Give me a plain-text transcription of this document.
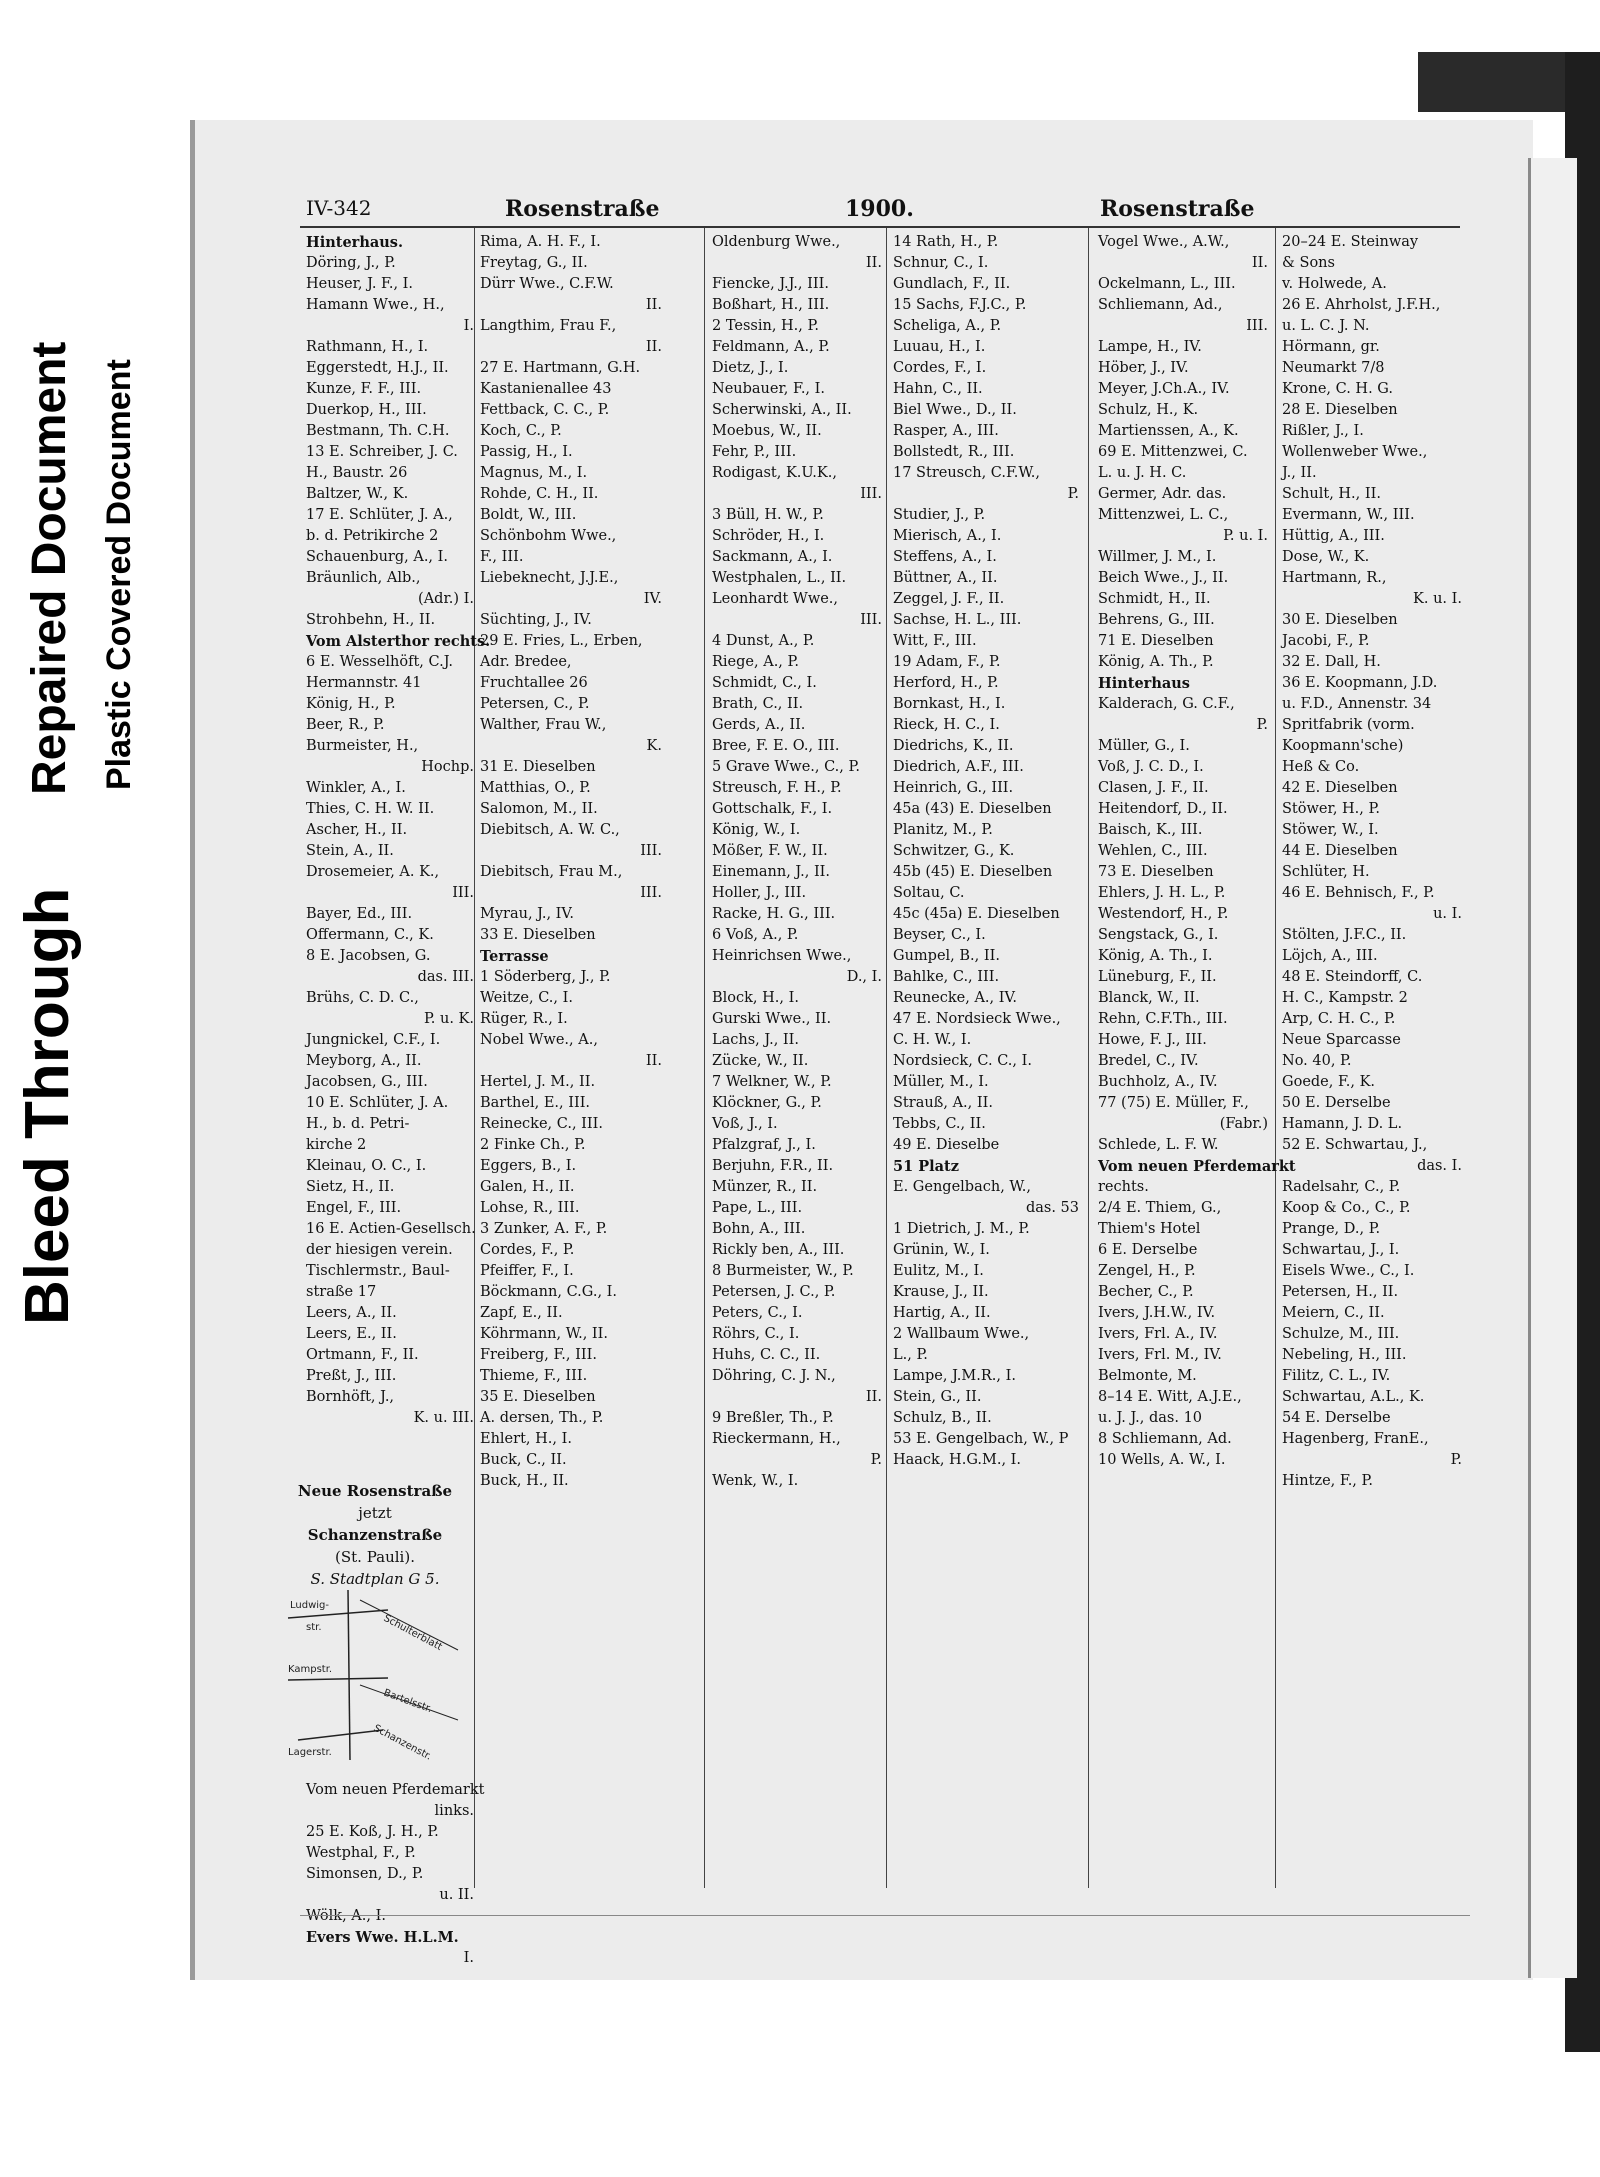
Bleed Through
Repaired Document Plastic Covered Document
IV-342	Rosenstraße	1900.	Rosenstraße
Hinterhaus.
Döring, J., P.
Heuser, J. F., I.
Hamann Wwe., H.,
I.
Rathmann, H., I.
Eggerstedt, H.J., II.
Kunze, F. F., III.
Duerkop, H., III.
Bestmann, Th. C.H.
13 E. Schreiber, J. C.
H., Baustr. 26
Baltzer, W., K.
17 E. Schlüter, J. A.,
b. d. Petrikirche 2
Schauenburg, A., I.
Bräunlich, Alb.,
(Adr.) I.
Strohbehn, H., II.
Vom Alsterthor rechts.
6 E. Wesselhöft, C.J.
Hermannstr. 41
König, H., P.
Beer, R., P.
Burmeister, H.,
Hochp.
Winkler, A., I.
Thies, C. H. W. II.
Ascher, H., II.
Stein, A., II.
Drosemeier, A. K.,
III.
Bayer, Ed., III.
Offermann, C., K.
8 E. Jacobsen, G.
das. III.
Brühs, C. D. C.,
P. u. K.
Jungnickel, C.F., I.
Meyborg, A., II.
Jacobsen, G., III.
10 E. Schlüter, J. A.
H., b. d. Petri-
kirche 2
Kleinau, O. C., I.
Sietz, H., II.
Engel, F., III.
16 E. Actien-Gesellsch.
der hiesigen verein.
Tischlermstr., Baul-
straße 17
Leers, A., II.
Leers, E., II.
Ortmann, F., II.
Preßt, J., III.
Bornhöft, J.,
K. u. III.
Rima, A. H. F., I.
Freytag, G., II.
Dürr Wwe., C.F.W.
II.
Langthim, Frau F.,
II.
27 E. Hartmann, G.H.
Kastanienallee 43
Fettback, C. C., P.
Koch, C., P.
Passig, H., I.
Magnus, M., I.
Rohde, C. H., II.
Boldt, W., III.
Schönbohm Wwe.,
F., III.
Liebeknecht, J.J.E.,
IV.
Süchting, J., IV.
29 E. Fries, L., Erben,
Adr. Bredee,
Fruchtallee 26
Petersen, C., P.
Walther, Frau W.,
K.
31 E. Dieselben
Matthias, O., P.
Salomon, M., II.
Diebitsch, A. W. C.,
III.
Diebitsch, Frau M.,
III.
Myrau, J., IV.
33 E. Dieselben
Terrasse
1 Söderberg, J., P.
Weitze, C., I.
Rüger, R., I.
Nobel Wwe., A.,
II.
Hertel, J. M., II.
Barthel, E., III.
Reinecke, C., III.
2 Finke Ch., P.
Eggers, B., I.
Galen, H., II.
Lohse, R., III.
3 Zunker, A. F., P.
Cordes, F., P.
Pfeiffer, F., I.
Böckmann, C.G., I.
Zapf, E., II.
Köhrmann, W., II.
Freiberg, F., III.
Thieme, F., III.
35 E. Dieselben
A. dersen, Th., P.
Ehlert, H., I.
Buck, C., II.
Buck, H., II.
Oldenburg Wwe.,
II.
Fiencke, J.J., III.
Boßhart, H., III.
2 Tessin, H., P.
Feldmann, A., P.
Dietz, J., I.
Neubauer, F., I.
Scherwinski, A., II.
Moebus, W., II.
Fehr, P., III.
Rodigast, K.U.K.,
III.
3 Büll, H. W., P.
Schröder, H., I.
Sackmann, A., I.
Westphalen, L., II.
Leonhardt Wwe.,
III.
4 Dunst, A., P.
Riege, A., P.
Schmidt, C., I.
Brath, C., II.
Gerds, A., II.
Bree, F. E. O., III.
5 Grave Wwe., C., P.
Streusch, F. H., P.
Gottschalk, F., I.
König, W., I.
Mößer, F. W., II.
Einemann, J., II.
Holler, J., III.
Racke, H. G., III.
6 Voß, A., P.
Heinrichsen Wwe.,
D., I.
Block, H., I.
Gurski Wwe., II.
Lachs, J., II.
Zücke, W., II.
7 Welkner, W., P.
Klöckner, G., P.
Voß, J., I.
Pfalzgraf, J., I.
Berjuhn, F.R., II.
Münzer, R., II.
Pape, L., III.
Bohn, A., III.
Rickly ben, A., III.
8 Burmeister, W., P.
Petersen, J. C., P.
Peters, C., I.
Röhrs, C., I.
Huhs, C. C., II.
Döhring, C. J. N.,
II.
9 Breßler, Th., P.
Rieckermann, H.,
P.
Wenk, W., I.
14 Rath, H., P.
Schnur, C., I.
Gundlach, F., II.
15 Sachs, F.J.C., P.
Scheliga, A., P.
Luuau, H., I.
Cordes, F., I.
Hahn, C., II.
Biel Wwe., D., II.
Rasper, A., III.
Bollstedt, R., III.
17 Streusch, C.F.W.,
P.
Studier, J., P.
Mierisch, A., I.
Steffens, A., I.
Büttner, A., II.
Zeggel, J. F., II.
Sachse, H. L., III.
Witt, F., III.
19 Adam, F., P.
Herford, H., P.
Bornkast, H., I.
Rieck, H. C., I.
Diedrichs, K., II.
Diedrich, A.F., III.
Heinrich, G., III.
45a (43) E. Dieselben
Planitz, M., P.
Schwitzer, G., K.
45b (45) E. Dieselben
Soltau, C.
45c (45a) E. Dieselben
Beyser, C., I.
Gumpel, B., II.
Bahlke, C., III.
Reunecke, A., IV.
47 E. Nordsieck Wwe.,
C. H. W., I.
Nordsieck, C. C., I.
Müller, M., I.
Strauß, A., II.
Tebbs, C., II.
49 E. Dieselbe
51 Platz
E. Gengelbach, W.,
das. 53
1 Dietrich, J. M., P.
Grünin, W., I.
Eulitz, M., I.
Krause, J., II.
Hartig, A., II.
2 Wallbaum Wwe.,
L., P.
Lampe, J.M.R., I.
Stein, G., II.
Schulz, B., II.
53 E. Gengelbach, W., P
Haack, H.G.M., I.
Vogel Wwe., A.W.,
II.
Ockelmann, L., III.
Schliemann, Ad.,
III.
Lampe, H., IV.
Höber, J., IV.
Meyer, J.Ch.A., IV.
Schulz, H., K.
Martienssen, A., K.
69 E. Mittenzwei, C.
L. u. J. H. C.
Germer, Adr. das.
Mittenzwei, L. C.,
P. u. I.
Willmer, J. M., I.
Beich Wwe., J., II.
Schmidt, H., II.
Behrens, G., III.
71 E. Dieselben
König, A. Th., P.
Hinterhaus
Kalderach, G. C.F.,
P.
Müller, G., I.
Voß, J. C. D., I.
Clasen, J. F., II.
Heitendorf, D., II.
Baisch, K., III.
Wehlen, C., III.
73 E. Dieselben
Ehlers, J. H. L., P.
Westendorf, H., P.
Sengstack, G., I.
König, A. Th., I.
Lüneburg, F., II.
Blanck, W., II.
Rehn, C.F.Th., III.
Howe, F. J., III.
Bredel, C., IV.
Buchholz, A., IV.
77 (75) E. Müller, F.,
(Fabr.)
Schlede, L. F. W.
Vom neuen Pferdemarkt
rechts.
2/4 E. Thiem, G.,
Thiem's Hotel
6 E. Derselbe
Zengel, H., P.
Becher, C., P.
Ivers, J.H.W., IV.
Ivers, Frl. A., IV.
Ivers, Frl. M., IV.
Belmonte, M.
8–14 E. Witt, A.J.E.,
u. J. J., das. 10
8 Schliemann, Ad.
10 Wells, A. W., I.
20–24 E. Steinway
& Sons
v. Holwede, A.
26 E. Ahrholst, J.F.H.,
u. L. C. J. N.
Hörmann, gr.
Neumarkt 7/8
Krone, C. H. G.
28 E. Dieselben
Rißler, J., I.
Wollenweber Wwe.,
J., II.
Schult, H., II.
Evermann, W., III.
Hüttig, A., III.
Dose, W., K.
Hartmann, R.,
K. u. I.
30 E. Dieselben
Jacobi, F., P.
32 E. Dall, H.
36 E. Koopmann, J.D.
u. F.D., Annenstr. 34
Spritfabrik (vorm.
Koopmann'sche)
Heß & Co.
42 E. Dieselben
Stöwer, H., P.
Stöwer, W., I.
44 E. Dieselben
Schlüter, H.
46 E. Behnisch, F., P.
u. I.
Stölten, J.F.C., II.
Löjch, A., III.
48 E. Steindorff, C.
H. C., Kampstr. 2
Arp, C. H. C., P.
Neue Sparcasse
No. 40, P.
Goede, F., K.
50 E. Derselbe
Hamann, J. D. L.
52 E. Schwartau, J.,
das. I.
Radelsahr, C., P.
Koop & Co., C., P.
Prange, D., P.
Schwartau, J., I.
Eisels Wwe., C., I.
Petersen, H., II.
Meiern, C., II.
Schulze, M., III.
Nebeling, H., III.
Filitz, C. L., IV.
Schwartau, A.L., K.
54 E. Derselbe
Hagenberg, FranE.,
P.
Hintze, F., P.
Neue Rosenstraße
jetzt
Schanzenstraße
(St. Pauli).
S. Stadtplan G 5.
Ludwig-
str.
Kampstr.
Lagerstr.
Schulterblatt
Bartelsstr.
Schanzenstr.
Vom neuen Pferdemarkt
links.
25 E. Koß, J. H., P.
Westphal, F., P.
Simonsen, D., P.
u. II.
Wölk, A., I.
Evers Wwe. H.L.M.
I.
